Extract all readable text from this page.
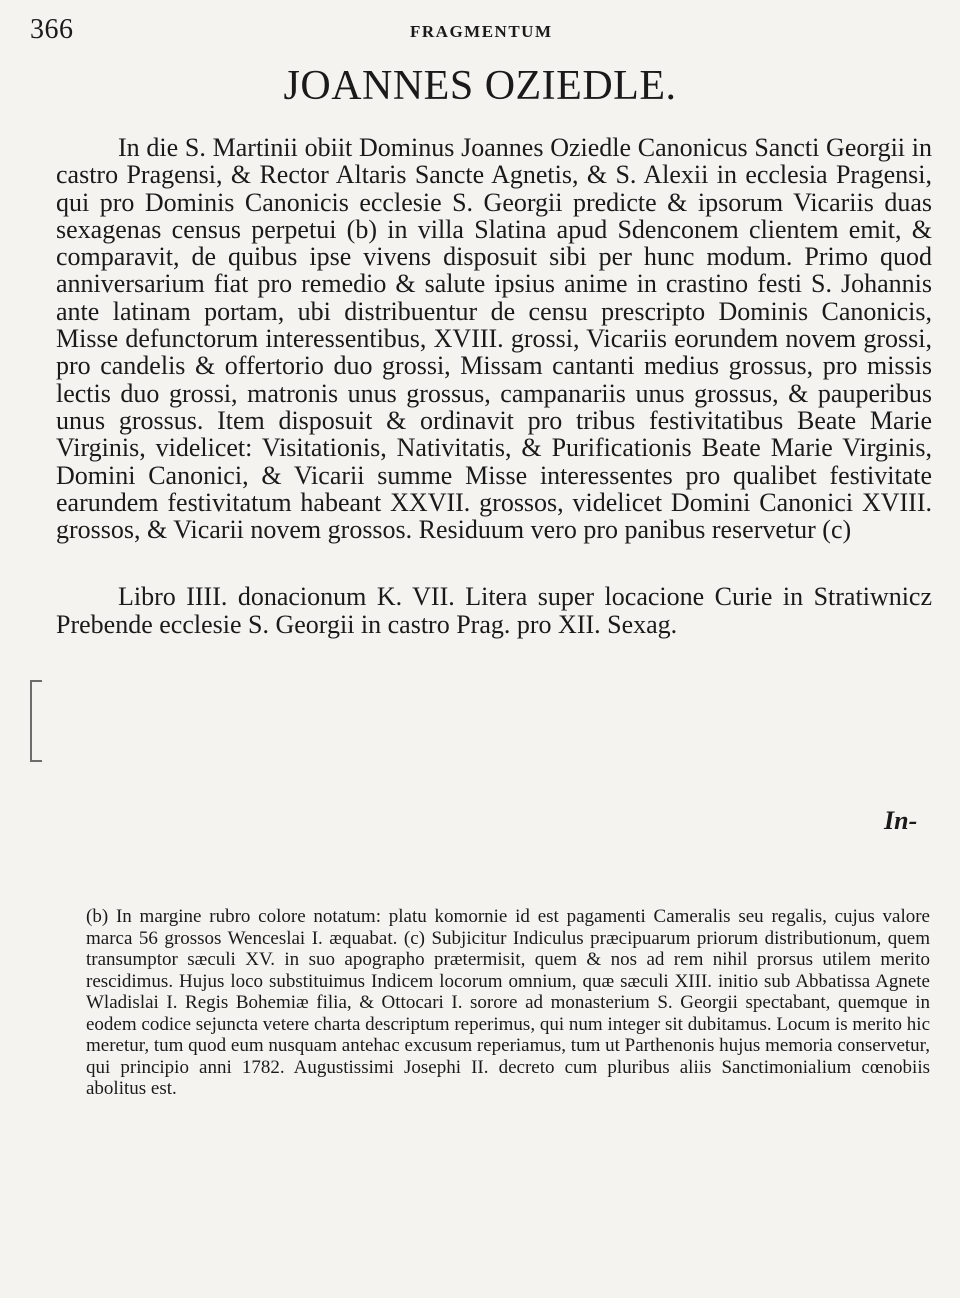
366	FRAGMENTUM
JOANNES OZIEDLE.

In die S. Martinii obiit Dominus Joannes Oziedle Canonicus Sancti Georgii in castro Pragensi, & Rector Altaris Sancte Agnetis, & S. Alexii in ecclesia Pragensi, qui pro Dominis Canonicis ecclesie S. Georgii predicte & ipsorum Vicariis duas sexagenas census perpetui (b) in villa Slatina apud Sdenconem clientem emit, & comparavit, de quibus ipse vivens disposuit sibi per hunc modum. Primo quod anniversarium fiat pro remedio & salute ipsius anime in crastino festi S. Johannis ante latinam portam, ubi distribuentur de censu prescripto Dominis Canonicis, Misse defunctorum interessentibus, XVIII. grossi, Vicariis eorundem novem grossi, pro candelis & offertorio duo grossi, Missam cantanti medius grossus, pro missis lectis duo grossi, matronis unus grossus, campanariis unus grossus, & pauperibus unus grossus. Item disposuit & ordinavit pro tribus festivitatibus Beate Marie Virginis, videlicet: Visitationis, Nativitatis, & Purificationis Beate Marie Virginis, Domini Canonici, & Vicarii summe Misse interessentes pro qualibet festivitate earundem festivitatum habeant XXVII. grossos, videlicet Domini Canonici XVIII. grossos, & Vicarii novem grossos. Residuum vero pro panibus reservetur (c)

Libro IIII. donacionum K. VII. Litera super locacione Curie in Stratiwnicz Prebende ecclesie S. Georgii in castro Prag. pro XII. Sexag.

In-

(b) In margine rubro colore notatum: platu komornie id est pagamenti Cameralis seu regalis, cujus valore marca 56 grossos Wenceslai I. æquabat. (c) Subjicitur Indiculus præcipuarum priorum distributionum, quem transumptor sæculi XV. in suo apographo prætermisit, quem & nos ad rem nihil prorsus utilem merito rescidimus. Hujus loco substituimus Indicem locorum omnium, quæ sæculi XIII. initio sub Abbatissa Agnete Wladislai I. Regis Bohemiæ filia, & Ottocari I. sorore ad monasterium S. Georgii spectabant, quemque in eodem codice sejuncta vetere charta descriptum reperimus, qui num integer sit dubitamus. Locum is merito hic meretur, tum quod eum nusquam antehac excusum reperiamus, tum ut Parthenonis hujus memoria conservetur, qui principio anni 1782. Augustissimi Josephi II. decreto cum pluribus aliis Sanctimonialium cœnobiis abolitus est.
